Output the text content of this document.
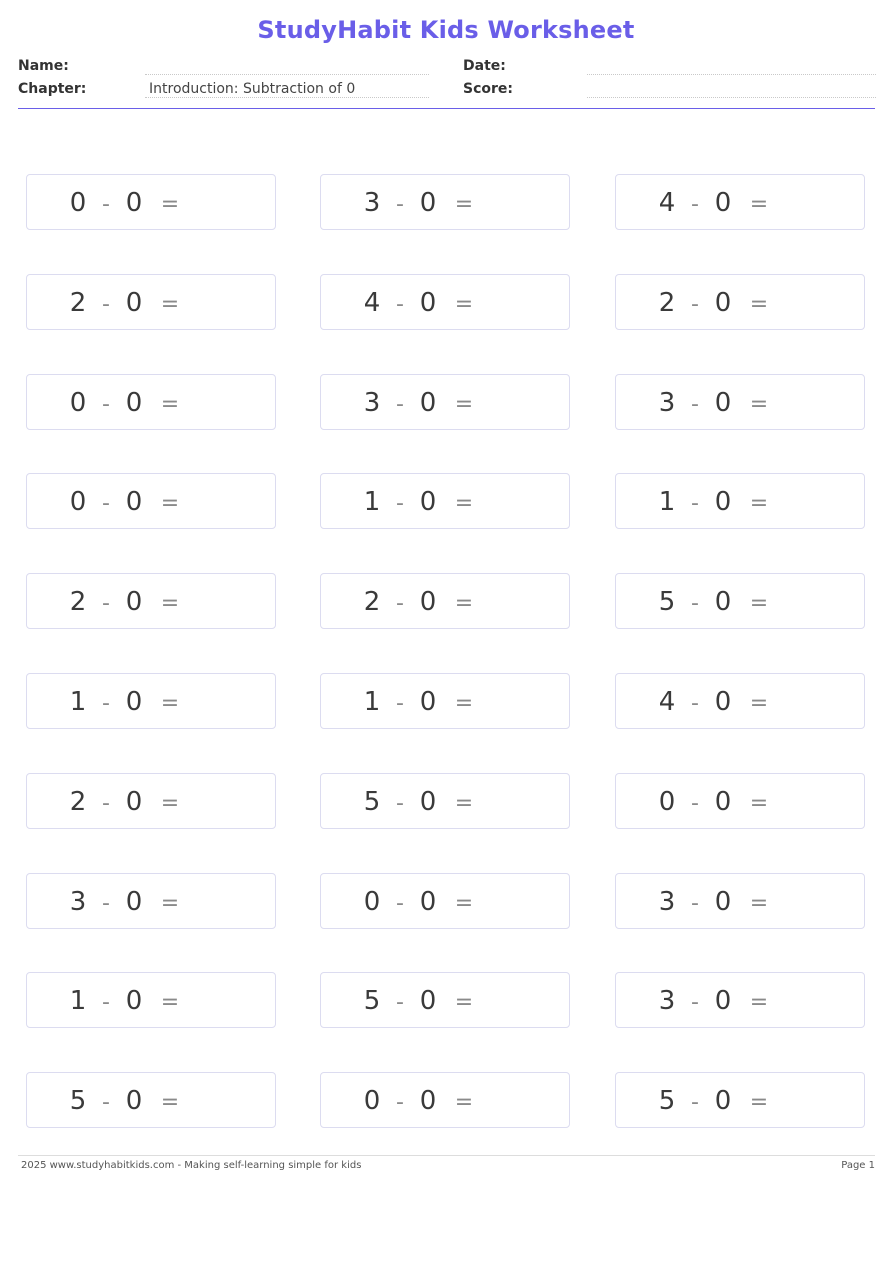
StudyHabit Kids Worksheet
Name:	Date:
Chapter:	Introduction: Subtraction of 0	Score:
0 - 0 =	3 - 0 =	4 - 0 =
2 - 0 =	4 - 0 =	2 - 0 =
0 - 0 =	3 - 0 =	3 - 0 =
0 - 0 =	1 - 0 =	1 - 0 =
2 - 0 =	2 - 0 =	5 - 0 =
1 - 0 =	1 - 0 =	4 - 0 =
2 - 0 =	5 - 0 =	0 - 0 =
3 - 0 =	0 - 0 =	3 - 0 =
1 - 0 =	5 - 0 =	3 - 0 =
5 - 0 =	0 - 0 =	5 - 0 =
2025 www.studyhabitkids.com - Making self-learning simple for kids	Page 1
